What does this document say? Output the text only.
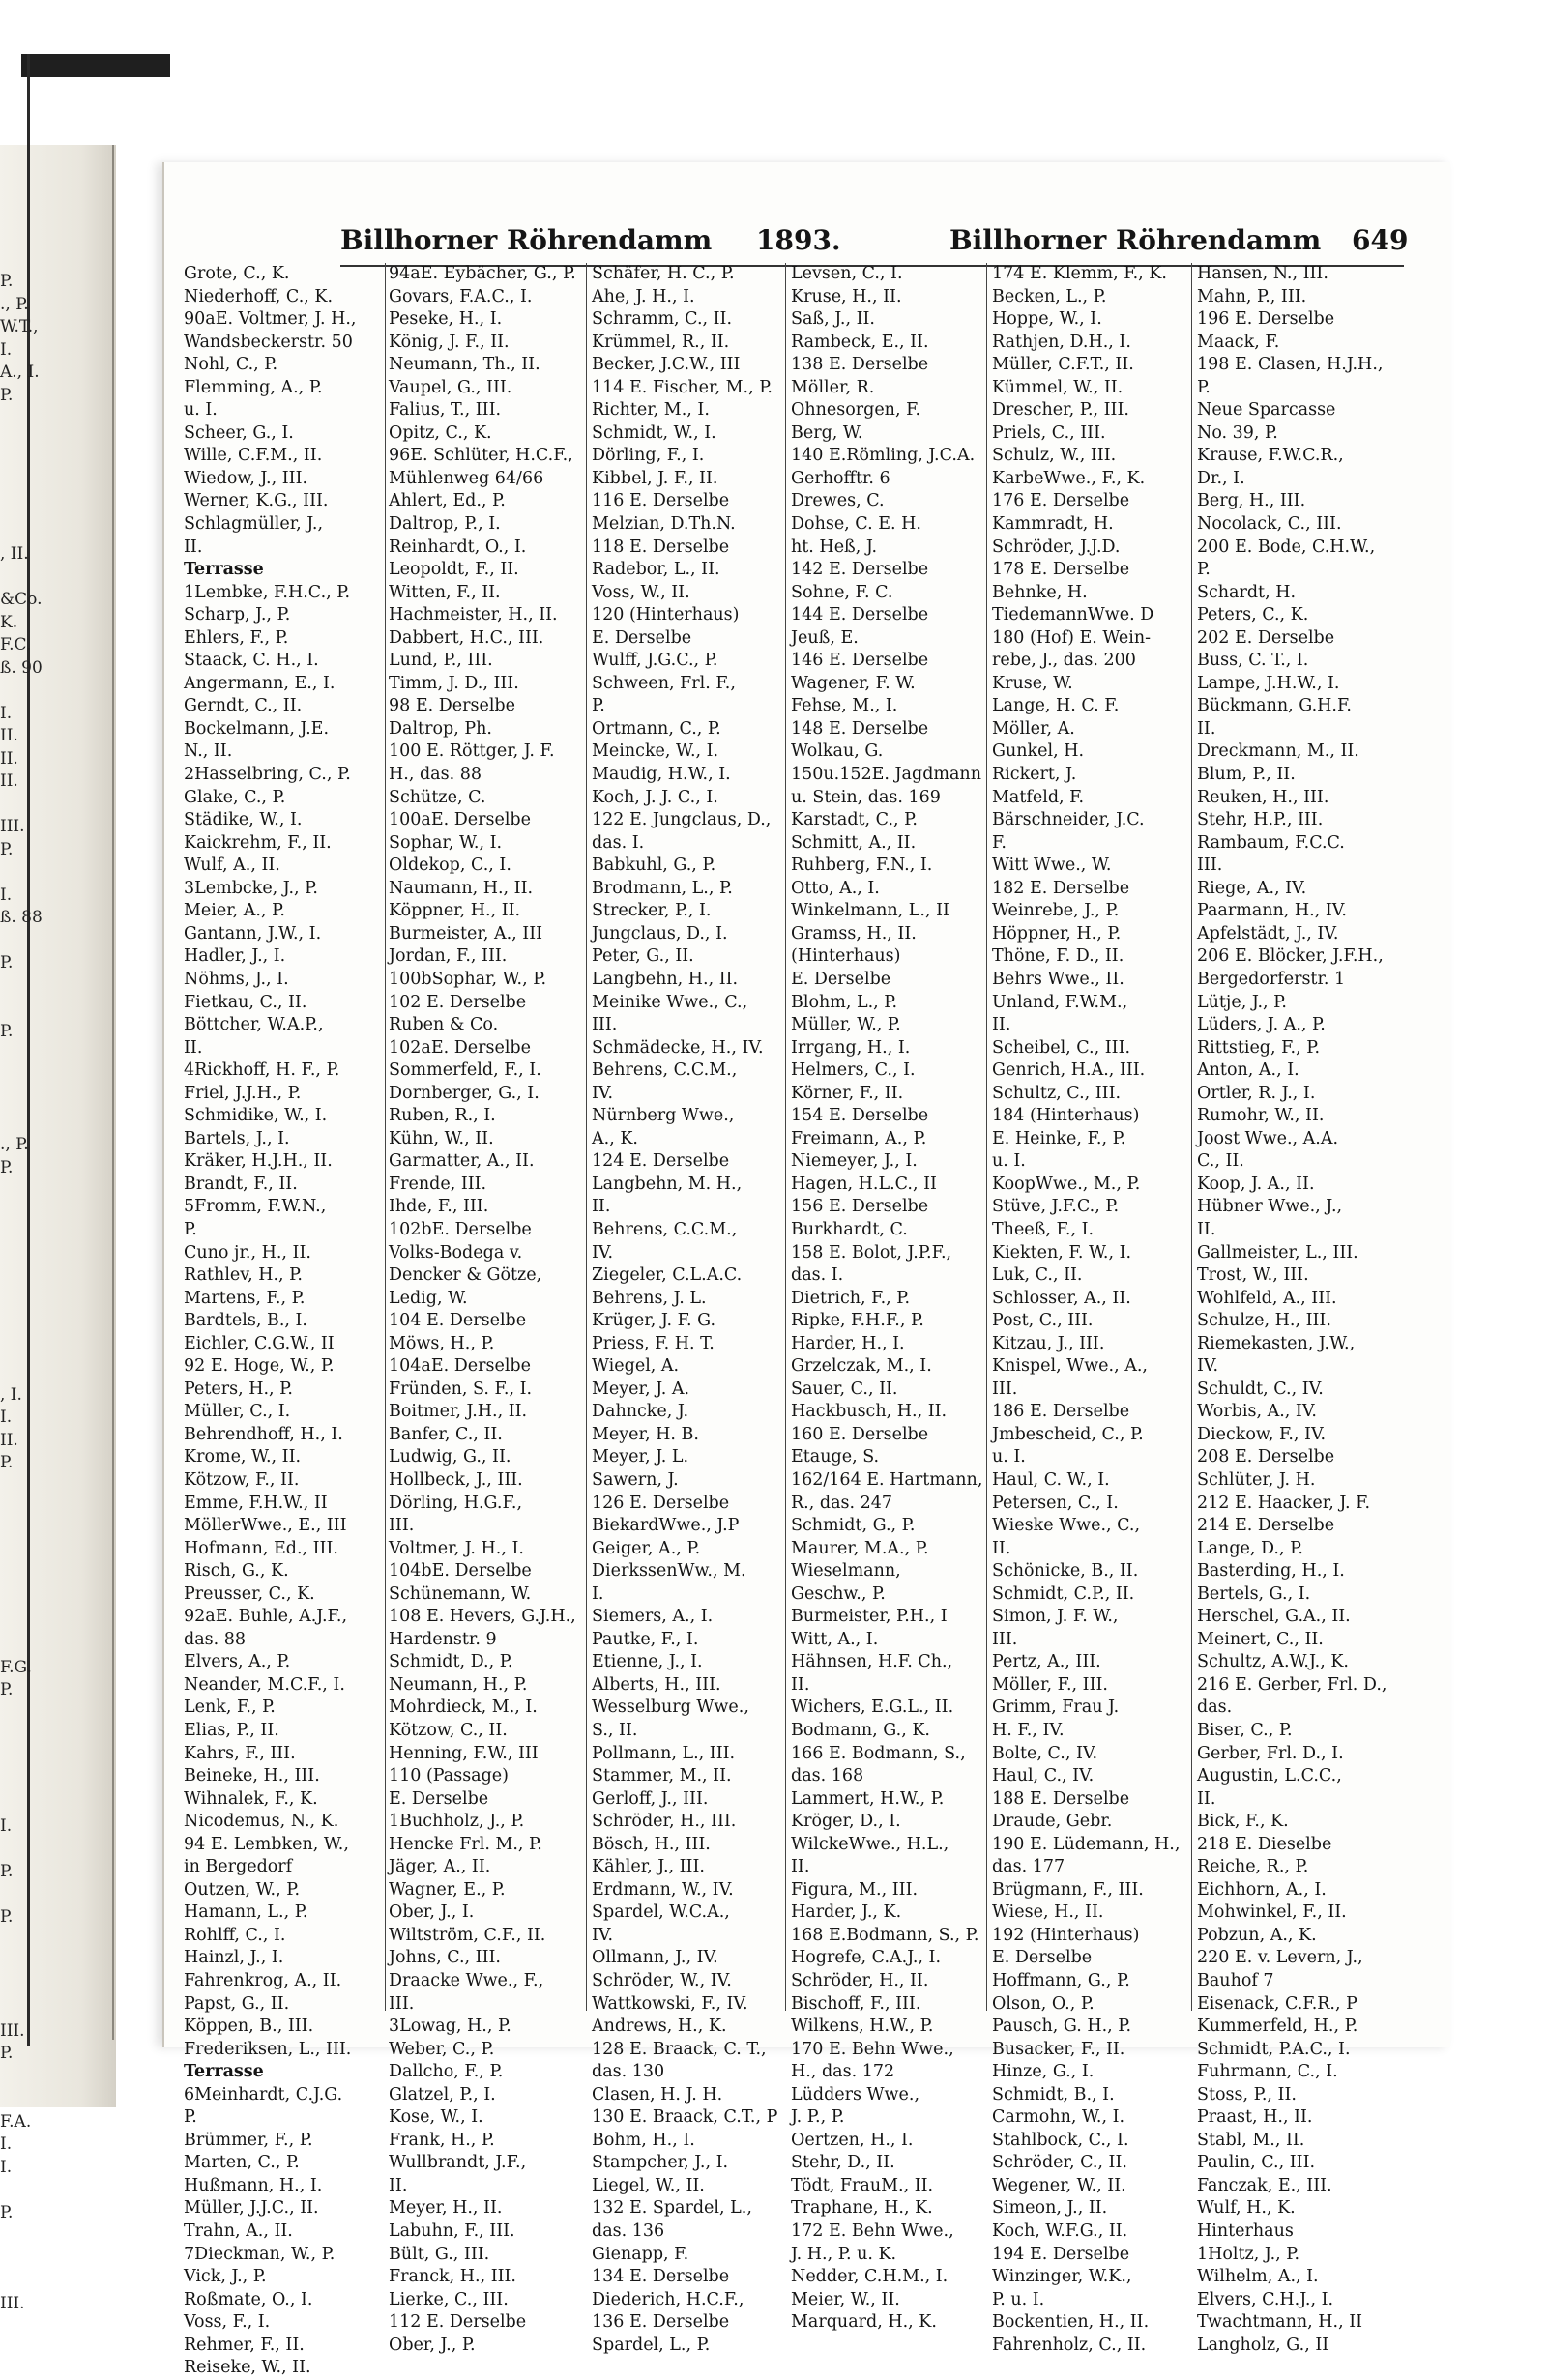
P.
., P.
W.T.,
I.
A., I.
P.

, II.

&Co.
K.
F.C.
ß. 90

I.
II.
II.
II.

III.
P.

I.
ß. 88

P.

P.

., P.
P.

, I.
I.
II.
P.

F.G.
P.

I.

P.

P.

III.
P.

F.A.
I.
I.

P.

III.
Billhorner Röhrendamm 1893.	Billhorner Röhrendamm 649
Grote, C., K.
Niederhoff, C., K.
90aE. Voltmer, J. H.,
Wandsbeckerstr. 50
Nohl, C., P.
Flemming, A., P.
u. I.
Scheer, G., I.
Wille, C.F.M., II.
Wiedow, J., III.
Werner, K.G., III.
Schlagmüller, J.,
II.
Terrasse
1Lembke, F.H.C., P.
Scharp, J., P.
Ehlers, F., P.
Staack, C. H., I.
Angermann, E., I.
Gerndt, C., II.
Bockelmann, J.E.
N., II.
2Hasselbring, C., P.
Glake, C., P.
Städike, W., I.
Kaickrehm, F., II.
Wulf, A., II.
3Lembcke, J., P.
Meier, A., P.
Gantann, J.W., I.
Hadler, J., I.
Nöhms, J., I.
Fietkau, C., II.
Böttcher, W.A.P.,
II.
4Rickhoff, H. F., P.
Friel, J.J.H., P.
Schmidike, W., I.
Bartels, J., I.
Kräker, H.J.H., II.
Brandt, F., II.
5Fromm, F.W.N.,
P.
Cuno jr., H., II.
Rathlev, H., P.
Martens, F., P.
Bardtels, B., I.
Eichler, C.G.W., II
92 E. Hoge, W., P.
Peters, H., P.
Müller, C., I.
Behrendhoff, H., I.
Krome, W., II.
Kötzow, F., II.
Emme, F.H.W., II
MöllerWwe., E., III
Hofmann, Ed., III.
Risch, G., K.
Preusser, C., K.
92aE. Buhle, A.J.F.,
das. 88
Elvers, A., P.
Neander, M.C.F., I.
Lenk, F., P.
Elias, P., II.
Kahrs, F., III.
Beineke, H., III.
Wihnalek, F., K.
Nicodemus, N., K.
94 E. Lembken, W.,
in Bergedorf
Outzen, W., P.
Hamann, L., P.
Rohlff, C., I.
Hainzl, J., I.
Fahrenkrog, A., II.
Papst, G., II.
Köppen, B., III.
Frederiksen, L., III.
Terrasse
6Meinhardt, C.J.G.
P.
Brümmer, F., P.
Marten, C., P.
Hußmann, H., I.
Müller, J.J.C., II.
Trahn, A., II.
7Dieckman, W., P.
Vick, J., P.
Roßmate, O., I.
Voss, F., I.
Rehmer, F., II.
Reiseke, W., II.
94aE. Eybächer, G., P.
Govars, F.A.C., I.
Peseke, H., I.
König, J. F., II.
Neumann, Th., II.
Vaupel, G., III.
Falius, T., III.
Opitz, C., K.
96E. Schlüter, H.C.F.,
Mühlenweg 64/66
Ahlert, Ed., P.
Daltrop, P., I.
Reinhardt, O., I.
Leopoldt, F., II.
Witten, F., II.
Hachmeister, H., II.
Dabbert, H.C., III.
Lund, P., III.
Timm, J. D., III.
98 E. Derselbe
Daltrop, Ph.
100 E. Röttger, J. F.
H., das. 88
Schütze, C.
100aE. Derselbe
Sophar, W., I.
Oldekop, C., I.
Naumann, H., II.
Köppner, H., II.
Burmeister, A., III
Jordan, F., III.
100bSophar, W., P.
102 E. Derselbe
Ruben & Co.
102aE. Derselbe
Sommerfeld, F., I.
Dornberger, G., I.
Ruben, R., I.
Kühn, W., II.
Garmatter, A., II.
Frende, III.
Ihde, F., III.
102bE. Derselbe
Volks-Bodega v.
Dencker & Götze,
Ledig, W.
104 E. Derselbe
Möws, H., P.
104aE. Derselbe
Fründen, S. F., I.
Boitmer, J.H., II.
Banfer, C., II.
Ludwig, G., II.
Hollbeck, J., III.
Dörling, H.G.F.,
III.
Voltmer, J. H., I.
104bE. Derselbe
Schünemann, W.
108 E. Hevers, G.J.H.,
Hardenstr. 9
Schmidt, D., P.
Neumann, H., P.
Mohrdieck, M., I.
Kötzow, C., II.
Henning, F.W., III
110 (Passage)
E. Derselbe
1Buchholz, J., P.
Hencke Frl. M., P.
Jäger, A., II.
Wagner, E., P.
Ober, J., I.
Wiltström, C.F., II.
Johns, C., III.
Draacke Wwe., F.,
III.
3Lowag, H., P.
Weber, C., P.
Dallcho, F., P.
Glatzel, P., I.
Kose, W., I.
Frank, H., P.
Wullbrandt, J.F.,
II.
Meyer, H., II.
Labuhn, F., III.
Bült, G., III.
Franck, H., III.
Lierke, C., III.
112 E. Derselbe
Ober, J., P.
Schäfer, H. C., P.
Ahe, J. H., I.
Schramm, C., II.
Krümmel, R., II.
Becker, J.C.W., III
114 E. Fischer, M., P.
Richter, M., I.
Schmidt, W., I.
Dörling, F., I.
Kibbel, J. F., II.
116 E. Derselbe
Melzian, D.Th.N.
118 E. Derselbe
Radebor, L., II.
Voss, W., II.
120 (Hinterhaus)
E. Derselbe
Wulff, J.G.C., P.
Schween, Frl. F.,
P.
Ortmann, C., P.
Meincke, W., I.
Maudig, H.W., I.
Koch, J. J. C., I.
122 E. Jungclaus, D.,
das. I.
Babkuhl, G., P.
Brodmann, L., P.
Strecker, P., I.
Jungclaus, D., I.
Peter, G., II.
Langbehn, H., II.
Meinike Wwe., C.,
III.
Schmädecke, H., IV.
Behrens, C.C.M.,
IV.
Nürnberg Wwe.,
A., K.
124 E. Derselbe
Langbehn, M. H.,
II.
Behrens, C.C.M.,
IV.
Ziegeler, C.L.A.C.
Behrens, J. L.
Krüger, J. F. G.
Priess, F. H. T.
Wiegel, A.
Meyer, J. A.
Dahncke, J.
Meyer, H. B.
Meyer, J. L.
Sawern, J.
126 E. Derselbe
BiekardWwe., J.P
Geiger, A., P.
DierkssenWw., M.
I.
Siemers, A., I.
Pautke, F., I.
Etienne, J., I.
Alberts, H., III.
Wesselburg Wwe.,
S., II.
Pollmann, L., III.
Stammer, M., II.
Gerloff, J., III.
Schröder, H., III.
Bösch, H., III.
Kähler, J., III.
Erdmann, W., IV.
Spardel, W.C.A.,
IV.
Ollmann, J., IV.
Schröder, W., IV.
Wattkowski, F., IV.
Andrews, H., K.
128 E. Braack, C. T.,
das. 130
Clasen, H. J. H.
130 E. Braack, C.T., P
Bohm, H., I.
Stampcher, J., I.
Liegel, W., II.
132 E. Spardel, L.,
das. 136
Gienapp, F.
134 E. Derselbe
Diederich, H.C.F.,
136 E. Derselbe
Spardel, L., P.
Levsen, C., I.
Kruse, H., II.
Saß, J., II.
Rambeck, E., II.
138 E. Derselbe
Möller, R.
Ohnesorgen, F.
Berg, W.
140 E.Römling, J.C.A.
Gerhofftr. 6
Drewes, C.
Dohse, C. E. H.
ht. Heß, J.
142 E. Derselbe
Sohne, F. C.
144 E. Derselbe
Jeuß, E.
146 E. Derselbe
Wagener, F. W.
Fehse, M., I.
148 E. Derselbe
Wolkau, G.
150u.152E. Jagdmann
u. Stein, das. 169
Karstadt, C., P.
Schmitt, A., II.
Ruhberg, F.N., I.
Otto, A., I.
Winkelmann, L., II
Gramss, H., II.
(Hinterhaus)
E. Derselbe
Blohm, L., P.
Müller, W., P.
Irrgang, H., I.
Helmers, C., I.
Körner, F., II.
154 E. Derselbe
Freimann, A., P.
Niemeyer, J., I.
Hagen, H.L.C., II
156 E. Derselbe
Burkhardt, C.
158 E. Bolot, J.P.F.,
das. I.
Dietrich, F., P.
Ripke, F.H.F., P.
Harder, H., I.
Grzelczak, M., I.
Sauer, C., II.
Hackbusch, H., II.
160 E. Derselbe
Etauge, S.
162/164 E. Hartmann,
R., das. 247
Schmidt, G., P.
Maurer, M.A., P.
Wieselmann,
Geschw., P.
Burmeister, P.H., I
Witt, A., I.
Hähnsen, H.F. Ch.,
II.
Wichers, E.G.L., II.
Bodmann, G., K.
166 E. Bodmann, S.,
das. 168
Lammert, H.W., P.
Kröger, D., I.
WilckeWwe., H.L.,
II.
Figura, M., III.
Harder, J., K.
168 E.Bodmann, S., P.
Hogrefe, C.A.J., I.
Schröder, H., II.
Bischoff, F., III.
Wilkens, H.W., P.
170 E. Behn Wwe.,
H., das. 172
Lüdders Wwe.,
J. P., P.
Oertzen, H., I.
Stehr, D., II.
Tödt, FrauM., II.
Traphane, H., K.
172 E. Behn Wwe.,
J. H., P. u. K.
Nedder, C.H.M., I.
Meier, W., II.
Marquard, H., K.
174 E. Klemm, F., K.
Becken, L., P.
Hoppe, W., I.
Rathjen, D.H., I.
Müller, C.F.T., II.
Kümmel, W., II.
Drescher, P., III.
Priels, C., III.
Schulz, W., III.
KarbeWwe., F., K.
176 E. Derselbe
Kammradt, H.
Schröder, J.J.D.
178 E. Derselbe
Behnke, H.
TiedemannWwe. D
180 (Hof) E. Wein-
rebe, J., das. 200
Kruse, W.
Lange, H. C. F.
Möller, A.
Gunkel, H.
Rickert, J.
Matfeld, F.
Bärschneider, J.C.
F.
Witt Wwe., W.
182 E. Derselbe
Weinrebe, J., P.
Höppner, H., P.
Thöne, F. D., II.
Behrs Wwe., II.
Unland, F.W.M.,
II.
Scheibel, C., III.
Genrich, H.A., III.
Schultz, C., III.
184 (Hinterhaus)
E. Heinke, F., P.
u. I.
KoopWwe., M., P.
Stüve, J.F.C., P.
Theeß, F., I.
Kiekten, F. W., I.
Luk, C., II.
Schlosser, A., II.
Post, C., III.
Kitzau, J., III.
Knispel, Wwe., A.,
III.
186 E. Derselbe
Jmbescheid, C., P.
u. I.
Haul, C. W., I.
Petersen, C., I.
Wieske Wwe., C.,
II.
Schönicke, B., II.
Schmidt, C.P., II.
Simon, J. F. W.,
III.
Pertz, A., III.
Möller, F., III.
Grimm, Frau J.
H. F., IV.
Bolte, C., IV.
Haul, C., IV.
188 E. Derselbe
Draude, Gebr.
190 E. Lüdemann, H.,
das. 177
Brügmann, F., III.
Wiese, H., II.
192 (Hinterhaus)
E. Derselbe
Hoffmann, G., P.
Olson, O., P.
Pausch, G. H., P.
Busacker, F., II.
Hinze, G., I.
Schmidt, B., I.
Carmohn, W., I.
Stahlbock, C., I.
Schröder, C., II.
Wegener, W., II.
Simeon, J., II.
Koch, W.F.G., II.
194 E. Derselbe
Winzinger, W.K.,
P. u. I.
Bockentien, H., II.
Fahrenholz, C., II.
Hansen, N., III.
Mahn, P., III.
196 E. Derselbe
Maack, F.
198 E. Clasen, H.J.H.,
P.
Neue Sparcasse
No. 39, P.
Krause, F.W.C.R.,
Dr., I.
Berg, H., III.
Nocolack, C., III.
200 E. Bode, C.H.W.,
P.
Schardt, H.
Peters, C., K.
202 E. Derselbe
Buss, C. T., I.
Lampe, J.H.W., I.
Bückmann, G.H.F.
II.
Dreckmann, M., II.
Blum, P., II.
Reuken, H., III.
Stehr, H.P., III.
Rambaum, F.C.C.
III.
Riege, A., IV.
Paarmann, H., IV.
Apfelstädt, J., IV.
206 E. Blöcker, J.F.H.,
Bergedorferstr. 1
Lütje, J., P.
Lüders, J. A., P.
Rittstieg, F., P.
Anton, A., I.
Ortler, R. J., I.
Rumohr, W., II.
Joost Wwe., A.A.
C., II.
Koop, J. A., II.
Hübner Wwe., J.,
II.
Gallmeister, L., III.
Trost, W., III.
Wohlfeld, A., III.
Schulze, H., III.
Riemekasten, J.W.,
IV.
Schuldt, C., IV.
Worbis, A., IV.
Dieckow, F., IV.
208 E. Derselbe
Schlüter, J. H.
212 E. Haacker, J. F.
214 E. Derselbe
Lange, D., P.
Basterding, H., I.
Bertels, G., I.
Herschel, G.A., II.
Meinert, C., II.
Schultz, A.W.J., K.
216 E. Gerber, Frl. D.,
das.
Biser, C., P.
Gerber, Frl. D., I.
Augustin, L.C.C.,
II.
Bick, F., K.
218 E. Dieselbe
Reiche, R., P.
Eichhorn, A., I.
Mohwinkel, F., II.
Pobzun, A., K.
220 E. v. Levern, J.,
Bauhof 7
Eisenack, C.F.R., P
Kummerfeld, H., P.
Schmidt, P.A.C., I.
Fuhrmann, C., I.
Stoss, P., II.
Praast, H., II.
Stabl, M., II.
Paulin, C., III.
Fanczak, E., III.
Wulf, H., K.
Hinterhaus
1Holtz, J., P.
Wilhelm, A., I.
Elvers, C.H.J., I.
Twachtmann, H., II
Langholz, G., II
